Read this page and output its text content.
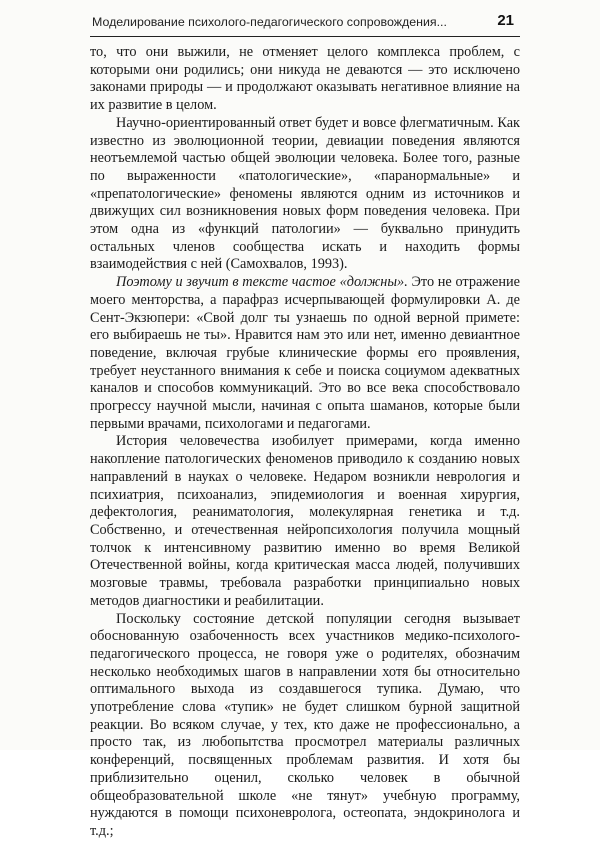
Моделирование психолого-педагогического сопровождения...	21

то, что они выжили, не отменяет целого комплекса проблем, с которыми они родились; они никуда не деваются — это исключено законами природы — и продолжают оказывать негативное влияние на их развитие в целом.

Научно-ориентированный ответ будет и вовсе флегматичным. Как известно из эволюционной теории, девиации поведения являются неотъемлемой частью общей эволюции человека. Более того, разные по выраженности «патологические», «паранормальные» и «препатологические» феномены являются одним из источников и движущих сил возникновения новых форм поведения человека. При этом одна из «функций патологии» — буквально принудить остальных членов сообщества искать и находить формы взаимодействия с ней (Самохвалов, 1993).

Поэтому и звучит в тексте частое «должны». Это не отражение моего менторства, а парафраз исчерпывающей формулировки А. де Сент-Экзюпери: «Свой долг ты узнаешь по одной верной примете: его выбираешь не ты». Нравится нам это или нет, именно девиантное поведение, включая грубые клинические формы его проявления, требует неустанного внимания к себе и поиска социумом адекватных каналов и способов коммуникаций. Это во все века способствовало прогрессу научной мысли, начиная с опыта шаманов, которые были первыми врачами, психологами и педагогами.

История человечества изобилует примерами, когда именно накопление патологических феноменов приводило к созданию новых направлений в науках о человеке. Недаром возникли неврология и психиатрия, психоанализ, эпидемиология и военная хирургия, дефектология, реаниматология, молекулярная генетика и т.д. Собственно, и отечественная нейропсихология получила мощный толчок к интенсивному развитию именно во время Великой Отечественной войны, когда критическая масса людей, получивших мозговые травмы, требовала разработки принципиально новых методов диагностики и реабилитации.

Поскольку состояние детской популяции сегодня вызывает обоснованную озабоченность всех участников медико-психолого-педагогического процесса, не говоря уже о родителях, обозначим несколько необходимых шагов в направлении хотя бы относительно оптимального выхода из создавшегося тупика. Думаю, что употребление слова «тупик» не будет слишком бурной защитной реакции. Во всяком случае, у тех, кто даже не профессионально, а просто так, из любопытства просмотрел материалы различных конференций, посвященных проблемам развития. И хотя бы приблизительно оценил, сколько человек в обычной общеобразовательной школе «не тянут» учебную программу, нуждаются в помощи психоневролога, остеопата, эндокринолога и т.д.;
